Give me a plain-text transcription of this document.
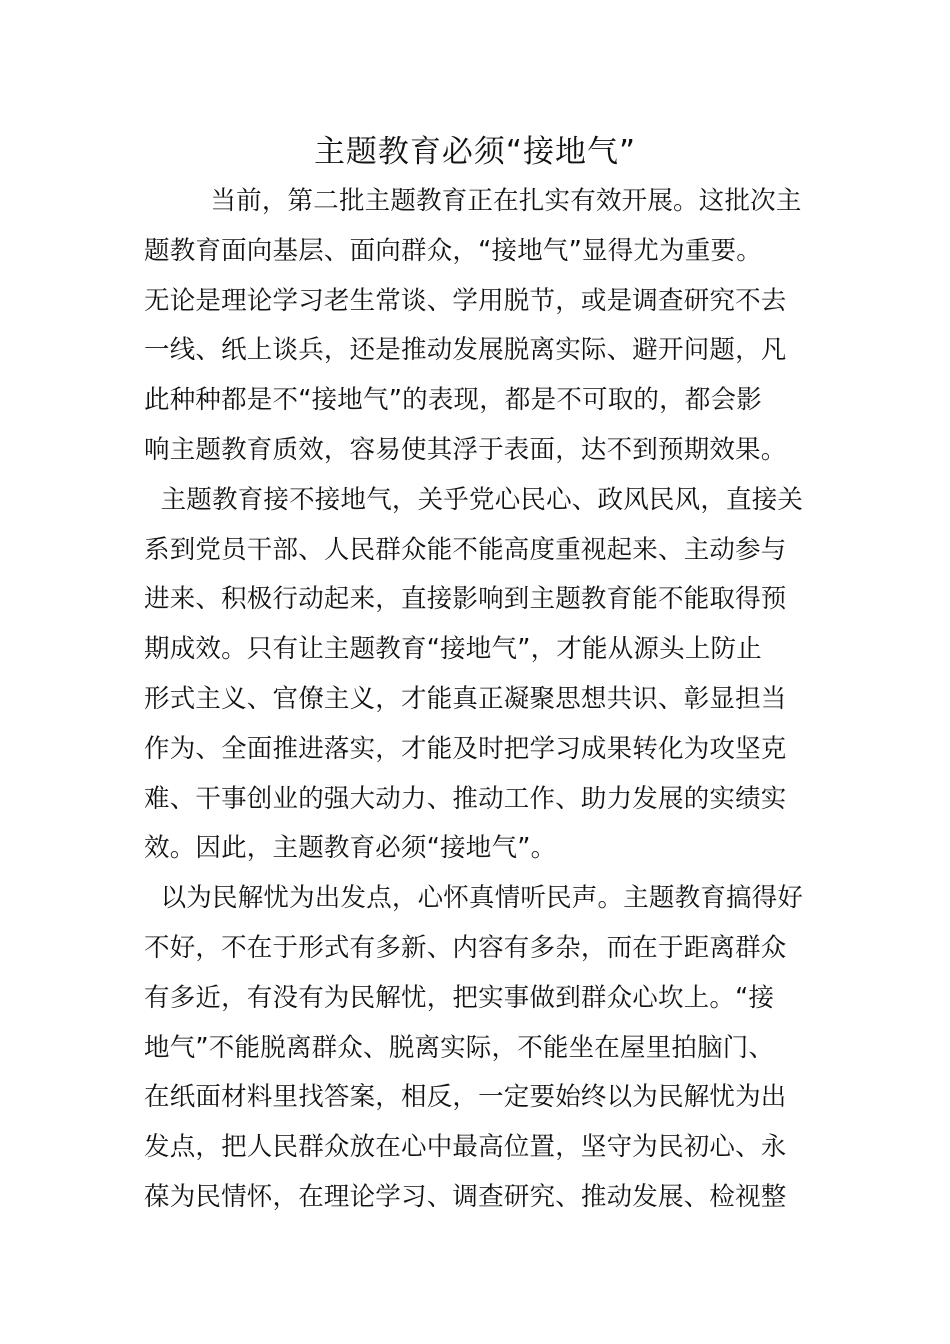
主题教育必须“接地气”
当前，第二批主题教育正在扎实有效开展。这批次主
题教育面向基层、面向群众，“接地气”显得尤为重要。
无论是理论学习老生常谈、学用脱节，或是调查研究不去
一线、纸上谈兵，还是推动发展脱离实际、避开问题，凡
此种种都是不“接地气”的表现，都是不可取的，都会影
响主题教育质效，容易使其浮于表面，达不到预期效果。
主题教育接不接地气，关乎党心民心、政风民风，直接关
系到党员干部、人民群众能不能高度重视起来、主动参与
进来、积极行动起来，直接影响到主题教育能不能取得预
期成效。只有让主题教育“接地气”，才能从源头上防止
形式主义、官僚主义，才能真正凝聚思想共识、彰显担当
作为、全面推进落实，才能及时把学习成果转化为攻坚克
难、干事创业的强大动力、推动工作、助力发展的实绩实
效。因此，主题教育必须“接地气”。
以为民解忧为出发点，心怀真情听民声。主题教育搞得好
不好，不在于形式有多新、内容有多杂，而在于距离群众
有多近，有没有为民解忧，把实事做到群众心坎上。“接
地气”不能脱离群众、脱离实际，不能坐在屋里拍脑门、
在纸面材料里找答案，相反，一定要始终以为民解忧为出
发点，把人民群众放在心中最高位置，坚守为民初心、永
葆为民情怀，在理论学习、调查研究、推动发展、检视整
